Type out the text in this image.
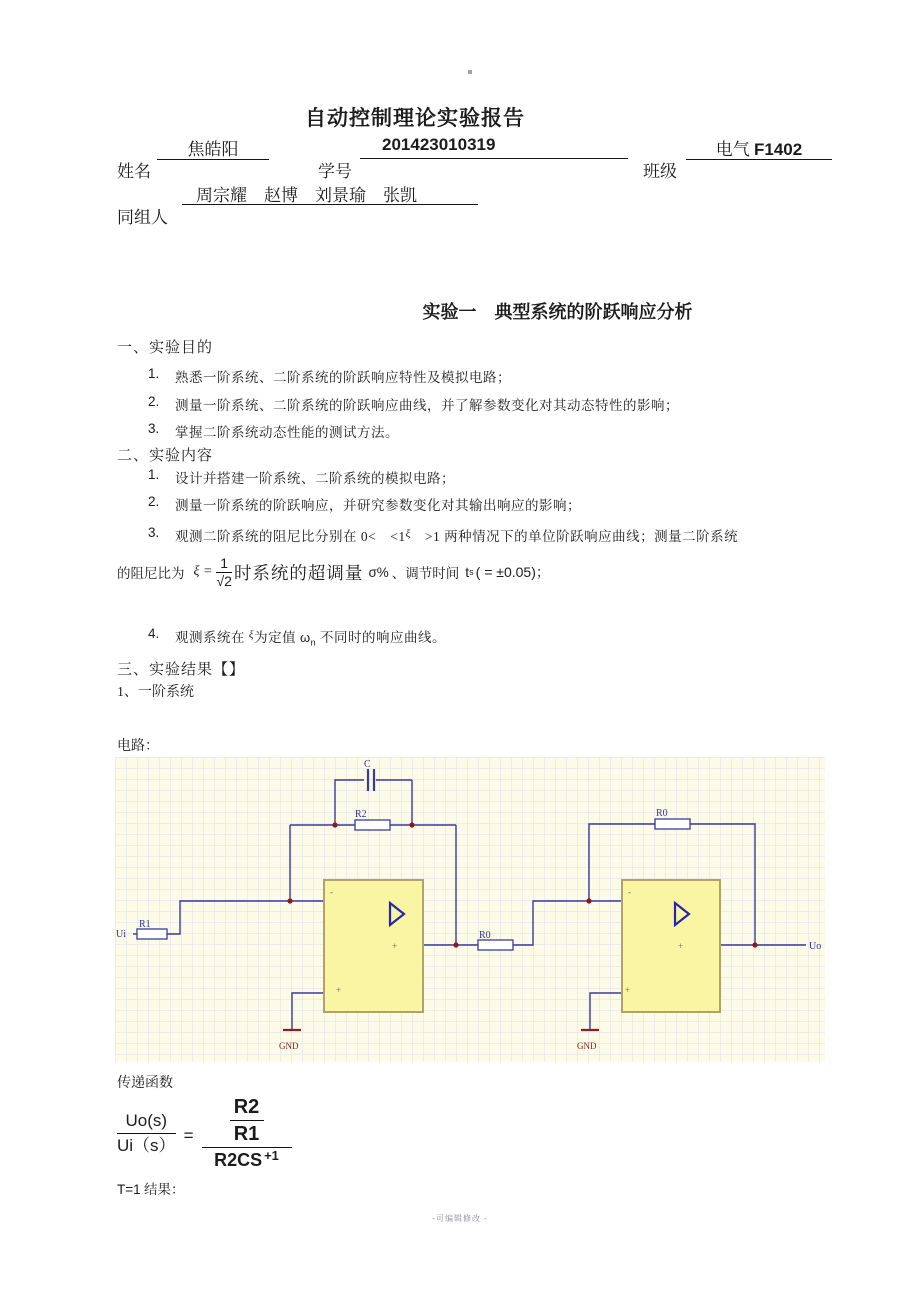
自动控制理论实验报告
姓名
焦皓阳
学号
201423010319
班级
电气 F1402
同组人
周宗耀　赵博　刘景瑜　张凯
实验一　典型系统的阶跃响应分析
一、实验目的
1. 熟悉一阶系统、二阶系统的阶跃响应特性及模拟电路；
2. 测量一阶系统、二阶系统的阶跃响应曲线，并了解参数变化对其动态特性的影响；
3. 掌握二阶系统动态性能的测试方法。
二、实验内容
1. 设计并搭建一阶系统、二阶系统的模拟电路；
2. 测量一阶系统的阶跃响应，并研究参数变化对其输出响应的影响；
3. 观测二阶系统的阻尼比分别在 0<　$<1^\xi$　>1 两种情况下的单位阶跃响应曲线；测量二阶系统
的阻尼比为 ξ =
1
√2 时系统的超调量 σ% 、调节时间 t s ( = ±0.05)；
4. 观测系统在 $^\xi$为定值 $\omega_n$ 不同时的响应曲线。
三、实验结果【】
1、一阶系统
电路：
-
+
+
-
+
+
C
R2
R1
R0
R0
Ui
Uo
GND	GND
传递函数
$\frac{Uo(s)}{Ui(s)} = \frac{\frac{R2}{R1}}{R2CS ^{+1}}$
T=1 结果：
-可编辑修改 -
